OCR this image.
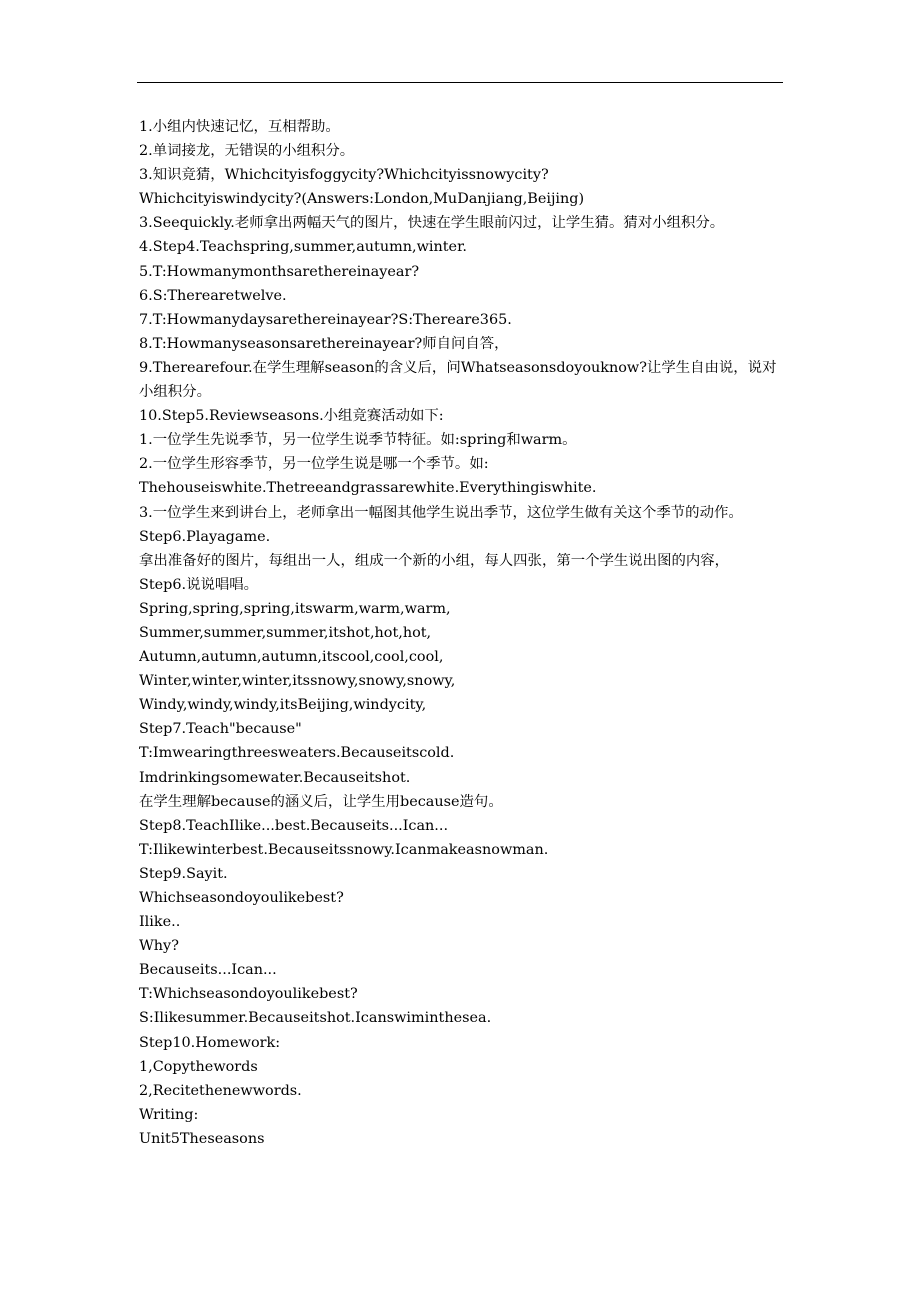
1.小组内快速记忆，互相帮助。
2.单词接龙，无错误的小组积分。
3.知识竞猜，Whichcityisfoggycity?Whichcityissnowycity?
Whichcityiswindycity?(Answers:London,MuDanjiang,Beijing)
3.Seequickly.老师拿出两幅天气的图片，快速在学生眼前闪过，让学生猜。猜对小组积分。
4.Step4.Teachspring,summer,autumn,winter.
5.T:Howmanymonthsarethereinayear?
6.S:Therearetwelve.
7.T:Howmanydaysarethereinayear?S:Thereare365.
8.T:Howmanyseasonsarethereinayear?师自问自答，
9.Therearefour.在学生理解season的含义后，问Whatseasonsdoyouknow?让学生自由说，说对小组积分。
10.Step5.Reviewseasons.小组竞赛活动如下:
1.一位学生先说季节，另一位学生说季节特征。如:spring和warm。
2.一位学生形容季节，另一位学生说是哪一个季节。如:
Thehouseiswhite.Thetreeandgrassarewhite.Everythingiswhite.
3.一位学生来到讲台上，老师拿出一幅图其他学生说出季节，这位学生做有关这个季节的动作。
Step6.Playagame.
拿出准备好的图片，每组出一人，组成一个新的小组，每人四张，第一个学生说出图的内容，
Step6.说说唱唱。
Spring,spring,spring,itswarm,warm,warm,
Summer,summer,summer,itshot,hot,hot,
Autumn,autumn,autumn,itscool,cool,cool,
Winter,winter,winter,itssnowy,snowy,snowy,
Windy,windy,windy,itsBeijing,windycity,
Step7.Teach"because"
T:Imwearingthreesweaters.Becauseitscold.
Imdrinkingsomewater.Becauseitshot.
在学生理解because的涵义后，让学生用because造句。
Step8.TeachIlike...best.Becauseits...Ican...
T:Ilikewinterbest.Becauseitssnowy.Icanmakeasnowman.
Step9.Sayit.
Whichseasondoyoulikebest?
Ilike..
Why?
Becauseits...Ican...
T:Whichseasondoyoulikebest?
S:Ilikesummer.Becauseitshot.Icanswiminthesea.
Step10.Homework:
1,Copythewords
2,Recitethenewwords.
Writing:
Unit5Theseasons
